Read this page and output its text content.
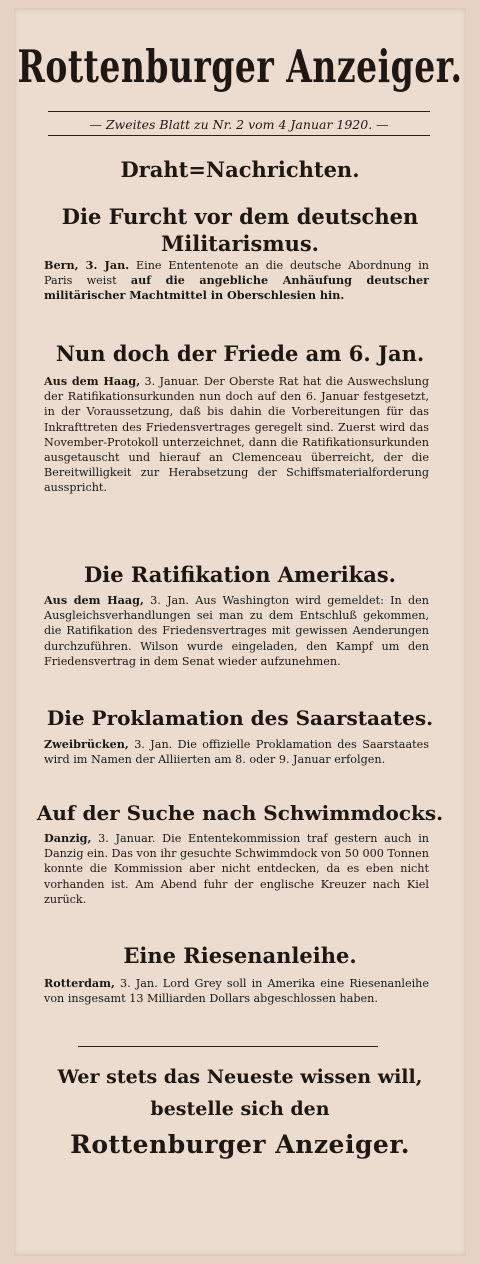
Rottenburger Anzeiger.
— Zweites Blatt zu Nr. 2 vom 4 Januar 1920. —
Draht=Nachrichten.
Die Furcht vor dem deutschen Militarismus.
Bern, 3. Jan. Eine Ententenote an die deutsche Abordnung in Paris weist auf die angebliche Anhäufung deutscher militärischer Machtmittel in Oberschlesien hin.
Nun doch der Friede am 6. Jan.
Aus dem Haag, 3. Januar. Der Oberste Rat hat die Auswechslung der Ratifikationsurkunden nun doch auf den 6. Januar festgesetzt, in der Voraussetzung, daß bis dahin die Vorbereitungen für das Inkrafttreten des Friedensvertrages geregelt sind. Zuerst wird das November-Protokoll unterzeichnet, dann die Ratifikationsurkunden ausgetauscht und hierauf an Clemenceau überreicht, der die Bereitwilligkeit zur Herabsetzung der Schiffsmaterialforderung ausspricht.
Die Ratifikation Amerikas.
Aus dem Haag, 3. Jan. Aus Washington wird gemeldet: In den Ausgleichsverhandlungen sei man zu dem Entschluß gekommen, die Ratifikation des Friedensvertrages mit gewissen Aenderungen durchzuführen. Wilson wurde eingeladen, den Kampf um den Friedensvertrag in dem Senat wieder aufzunehmen.
Die Proklamation des Saarstaates.
Zweibrücken, 3. Jan. Die offizielle Proklamation des Saarstaates wird im Namen der Alliierten am 8. oder 9. Januar erfolgen.
Auf der Suche nach Schwimmdocks.
Danzig, 3. Januar. Die Ententekommission traf gestern auch in Danzig ein. Das von ihr gesuchte Schwimmdock von 50 000 Tonnen konnte die Kommission aber nicht entdecken, da es eben nicht vorhanden ist. Am Abend fuhr der englische Kreuzer nach Kiel zurück.
Eine Riesenanleihe.
Rotterdam, 3. Jan. Lord Grey soll in Amerika eine Riesenanleihe von insgesamt 13 Milliarden Dollars abgeschlossen haben.
Wer stets das Neueste wissen will,
bestelle sich den
Rottenburger Anzeiger.
